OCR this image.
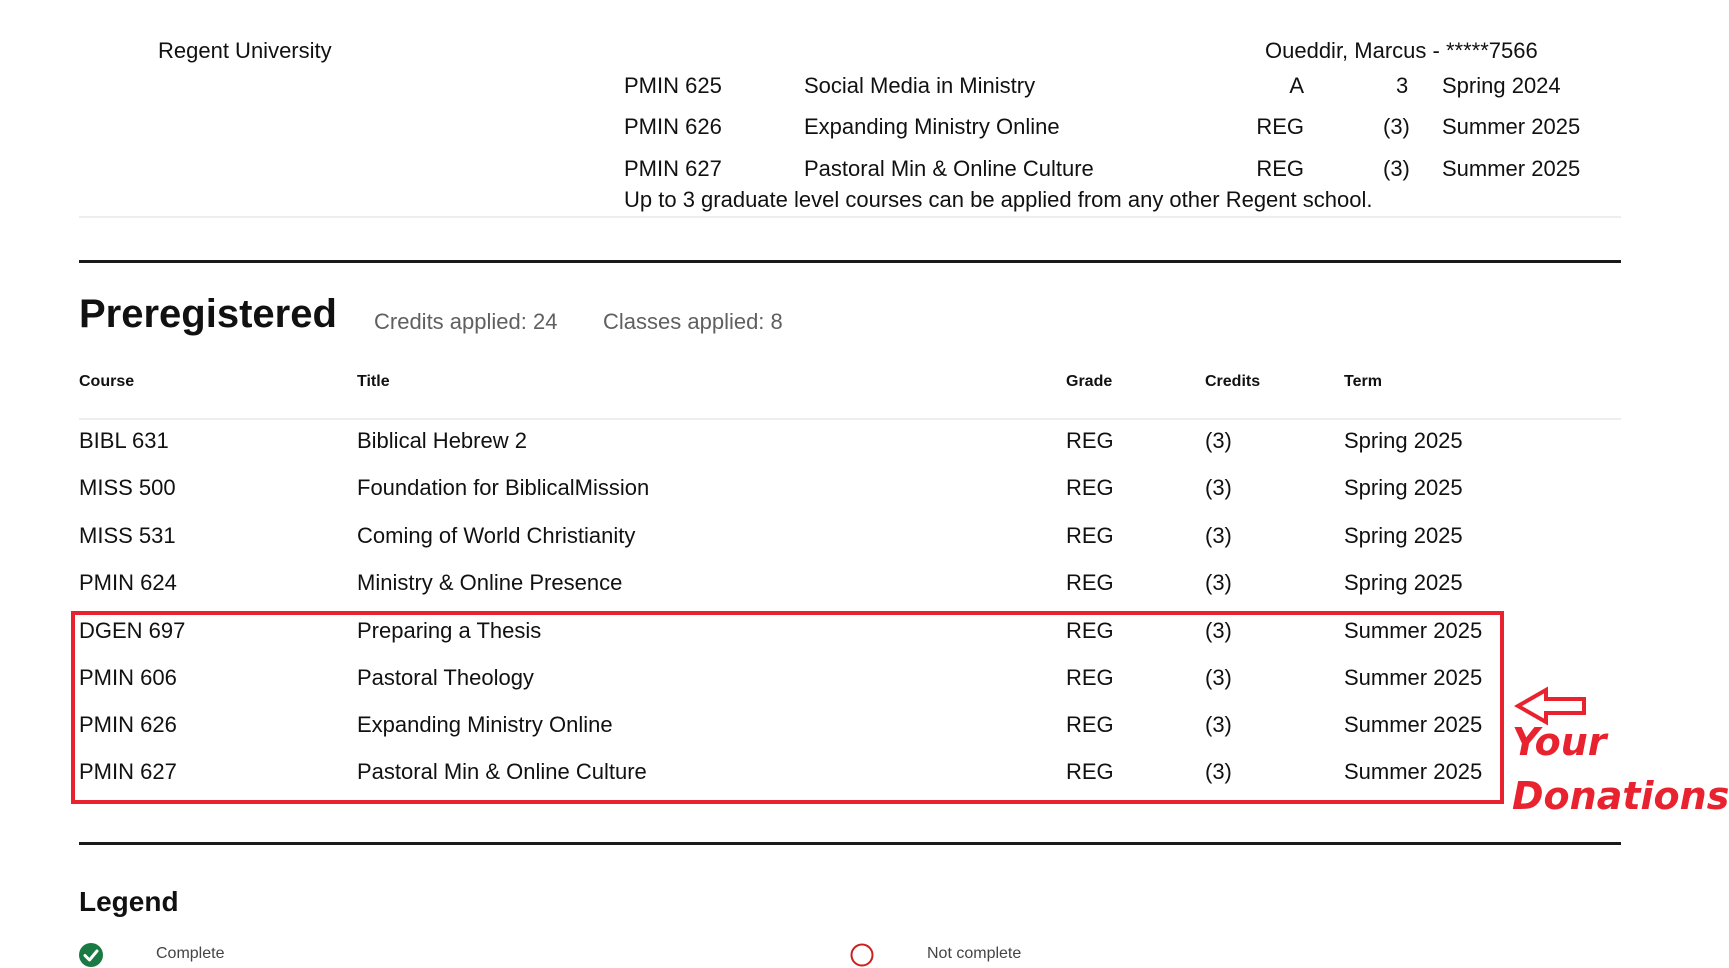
Regent University	Oueddir, Marcus - *****7566
PMIN 625	Social Media in Ministry	A	3 Spring 2024
PMIN 626	Expanding Ministry Online	REG	(3) Summer 2025
PMIN 627	Pastoral Min & Online Culture	REG	(3) Summer 2025
Up to 3 graduate level courses can be applied from any other Regent school.
Preregistered Credits applied: 24 Classes applied: 8
Course	Title	Grade	Credits	Term
BIBL 631	Biblical Hebrew 2	REG	(3)	Spring 2025
MISS 500	Foundation for BiblicalMission	REG	(3)	Spring 2025
MISS 531	Coming of World Christianity	REG	(3)	Spring 2025
PMIN 624	Ministry & Online Presence	REG	(3)	Spring 2025
DGEN 697	Preparing a Thesis	REG	(3)	Summer 2025
PMIN 606	Pastoral Theology	REG	(3)	Summer 2025
PMIN 626	Expanding Ministry Online	REG	(3)	Summer 2025
PMIN 627	Pastoral Min & Online Culture	REG	(3)	Summer 2025
Your
Donations
Legend
Complete	Not complete
